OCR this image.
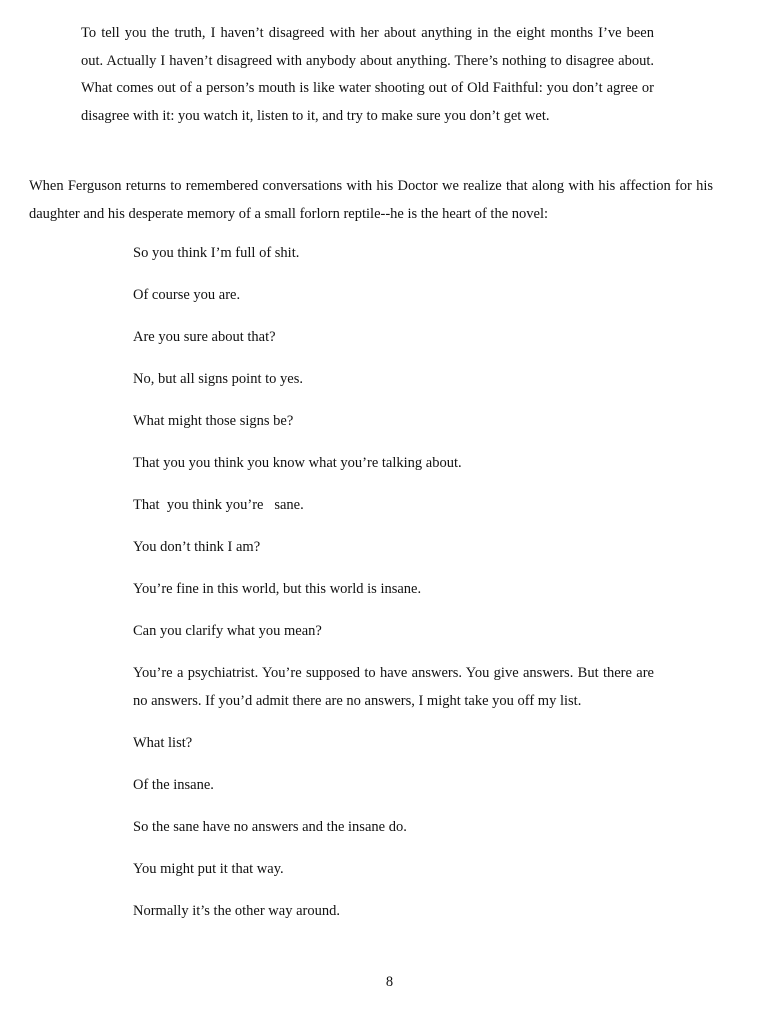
To tell you the truth, I haven’t disagreed with her about anything in the eight months I’ve been out. Actually I haven’t disagreed with anybody about anything. There’s nothing to disagree about.  What comes out of a person’s mouth is like water shooting out of Old Faithful: you don’t agree or disagree with it: you watch it, listen to it, and try to make sure you don’t get wet.

When Ferguson returns to remembered conversations with his Doctor we realize that along with his affection for his daughter and his desperate memory of a small forlorn reptile--he is the heart of the novel:

So you think I’m full of shit.
Of course you are.
Are you sure about that?
No, but all signs point to yes.
What might those signs be?
That you you think you know what you’re talking about.
That  you think you’re   sane.
You don’t think I am?
You’re fine in this world, but this world is insane.
Can you clarify what you mean?
You’re a psychiatrist. You’re supposed to have answers. You give answers. But there are no answers. If you’d admit there are no answers, I might take you off my list.
What list?
Of the insane.
So the sane have no answers and the insane do.
You might put it that way.
Normally it’s the other way around.
8
